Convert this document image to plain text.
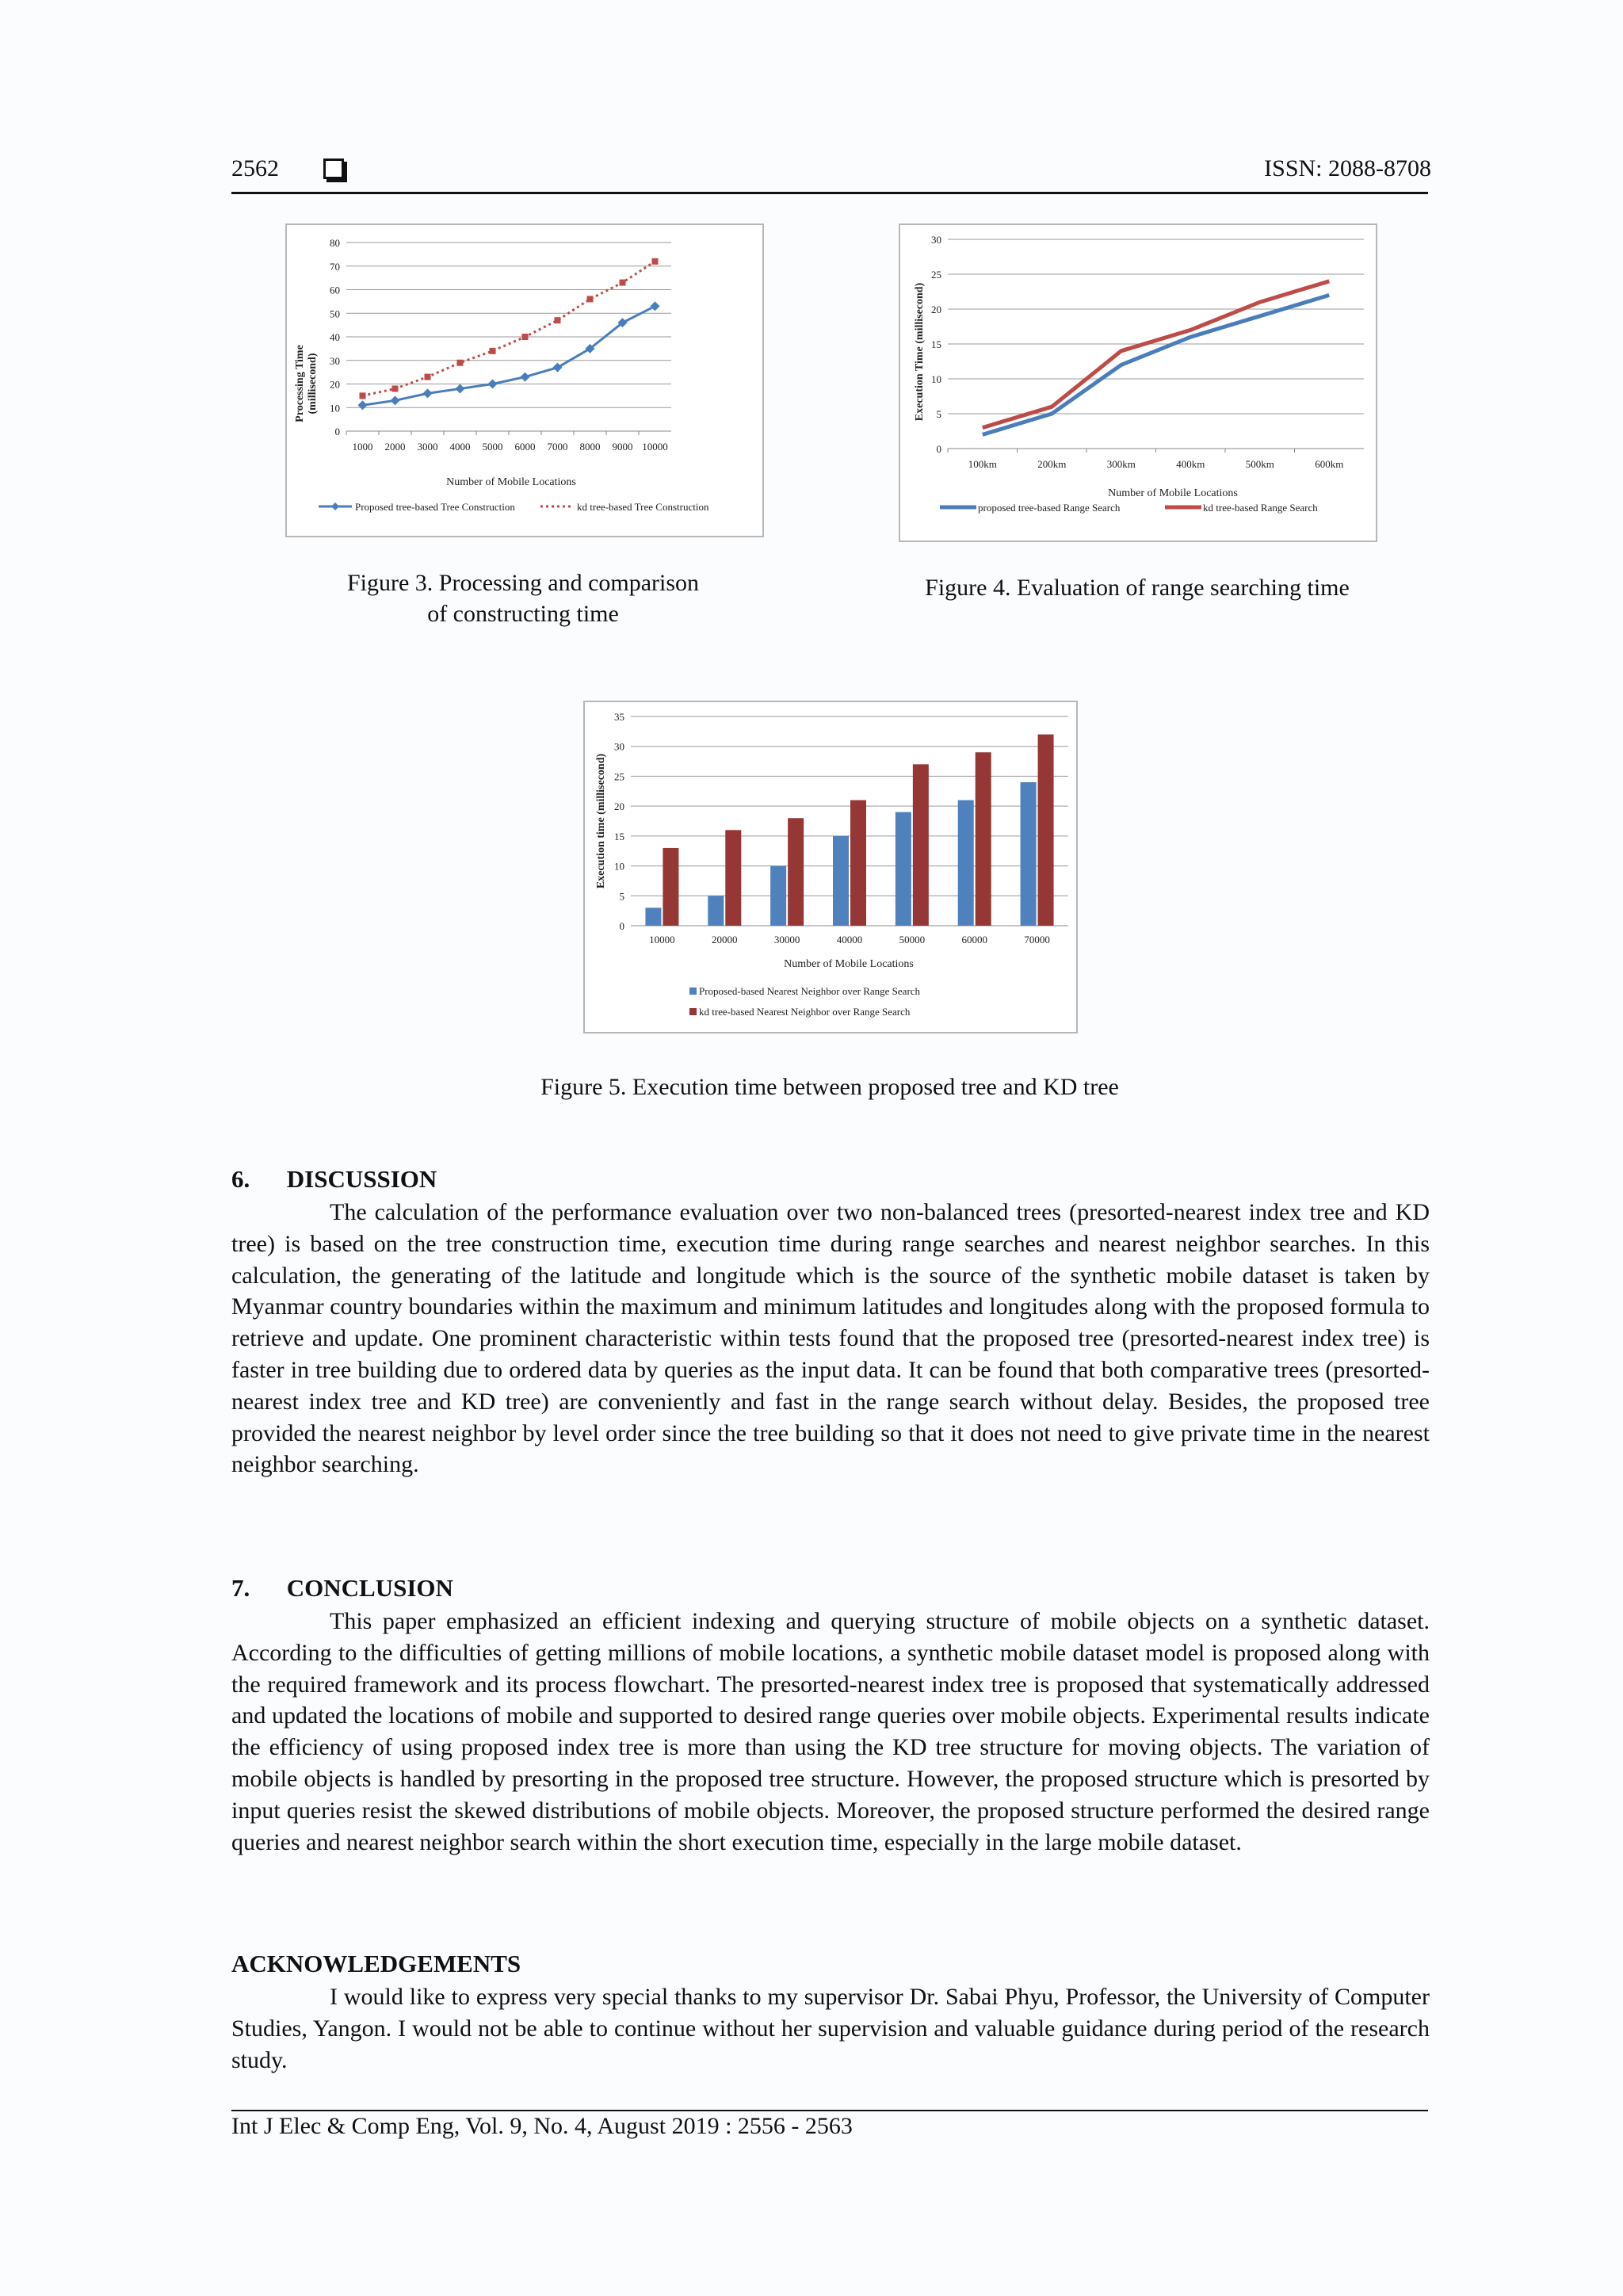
2562	ISSN: 2088-8708
Processing Time (millisecond)
Number of Mobile Locations
0
10
20
30
40
50
60
70
80
1000 2000 3000 4000 5000 6000 7000 8000 9000 10000
Proposed tree-based Tree Construction	kd tree-based Tree Construction
Figure 3. Processing and comparison
of constructing time
Execution Time (millisecond)
Number of Mobile Locations
0
5
10
15
20
25
30
100km	200km	300km	400km	500km	600km
proposed tree-based Range Search	kd tree-based Range Search
Figure 4. Evaluation of range searching time
Execution time (millisecond)
Number of Mobile Locations
0
5
10
15
20
25
30
35
10000	20000	30000	40000	50000	60000	70000
Proposed-based Nearest Neighbor over Range Search
kd tree-based Nearest Neighbor over Range Search
Figure 5. Execution time between proposed tree and KD tree
6.      DISCUSSION
The calculation of the performance evaluation over two non-balanced trees (presorted-nearest index tree and KD tree) is based on the tree construction time, execution time during range searches and nearest neighbor searches. In this calculation, the generating of the latitude and longitude which is the source of the synthetic mobile dataset is taken by Myanmar country boundaries within the maximum and minimum latitudes and longitudes along with the proposed formula to retrieve and update. One prominent characteristic within tests found that the proposed tree (presorted-nearest index tree) is faster in tree building due to ordered data by queries as the input data. It can be found that both comparative trees (presorted-nearest index tree and KD tree) are conveniently and fast in the range search without delay. Besides, the proposed tree provided the nearest neighbor by level order since the tree building so that it does not need to give private time in the nearest neighbor searching.
7.      CONCLUSION
This paper emphasized an efficient indexing and querying structure of mobile objects on a synthetic dataset. According to the difficulties of getting millions of mobile locations, a synthetic mobile dataset model is proposed along with the required framework and its process flowchart. The presorted-nearest index tree is proposed that systematically addressed and updated the locations of mobile and supported to desired range queries over mobile objects. Experimental results indicate the efficiency of using proposed index tree is more than using the KD tree structure for moving objects. The variation of mobile objects is handled by presorting in the proposed tree structure. However, the proposed structure which is presorted by input queries resist the skewed distributions of mobile objects. Moreover, the proposed structure performed the desired range queries and nearest neighbor search within the short execution time, especially in the large mobile dataset.
ACKNOWLEDGEMENTS
I would like to express very special thanks to my supervisor Dr. Sabai Phyu, Professor, the University of Computer Studies, Yangon. I would not be able to continue without her supervision and valuable guidance during period of the research study.
Int J Elec & Comp Eng, Vol. 9, No. 4, August 2019 : 2556 - 2563
